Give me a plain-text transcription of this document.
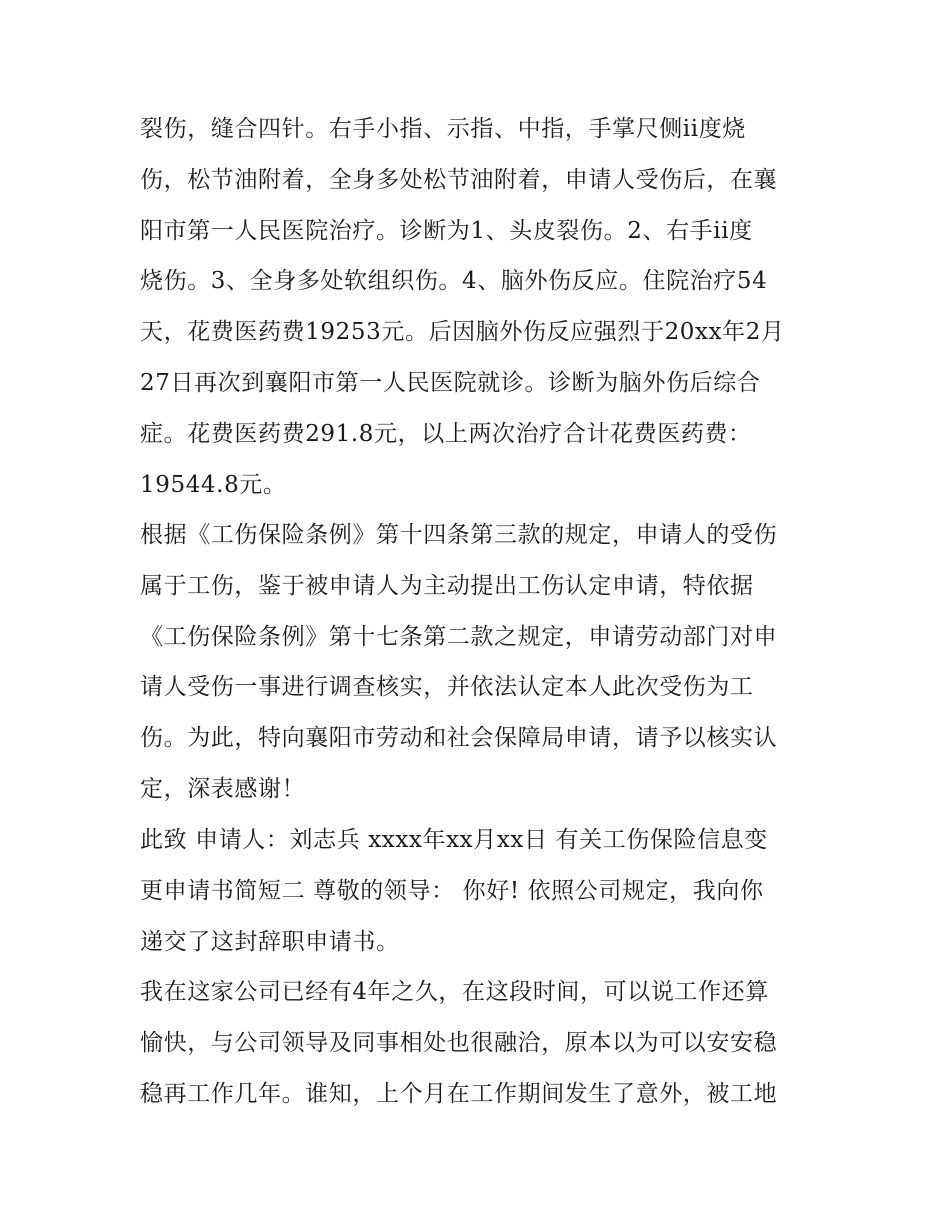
裂伤，缝合四针。右手小指、示指、中指，手掌尺侧ii度烧
伤，松节油附着，全身多处松节油附着，申请人受伤后，在襄
阳市第一人民医院治疗。诊断为1、头皮裂伤。2、右手ii度
烧伤。3、全身多处软组织伤。4、脑外伤反应。住院治疗54
天，花费医药费19253元。后因脑外伤反应强烈于20xx年2月
27日再次到襄阳市第一人民医院就诊。诊断为脑外伤后综合
症。花费医药费291.8元，以上两次治疗合计花费医药费：
19544.8元。
根据《工伤保险条例》第十四条第三款的规定，申请人的受伤
属于工伤，鉴于被申请人为主动提出工伤认定申请，特依据
《工伤保险条例》第十七条第二款之规定，申请劳动部门对申
请人受伤一事进行调查核实，并依法认定本人此次受伤为工
伤。为此，特向襄阳市劳动和社会保障局申请，请予以核实认
定，深表感谢！
此致 申请人：刘志兵 xxxx年xx月xx日 有关工伤保险信息变
更申请书简短二 尊敬的领导： 你好! 依照公司规定，我向你
递交了这封辞职申请书。
我在这家公司已经有4年之久，在这段时间，可以说工作还算
愉快，与公司领导及同事相处也很融洽，原本以为可以安安稳
稳再工作几年。谁知，上个月在工作期间发生了意外，被工地
